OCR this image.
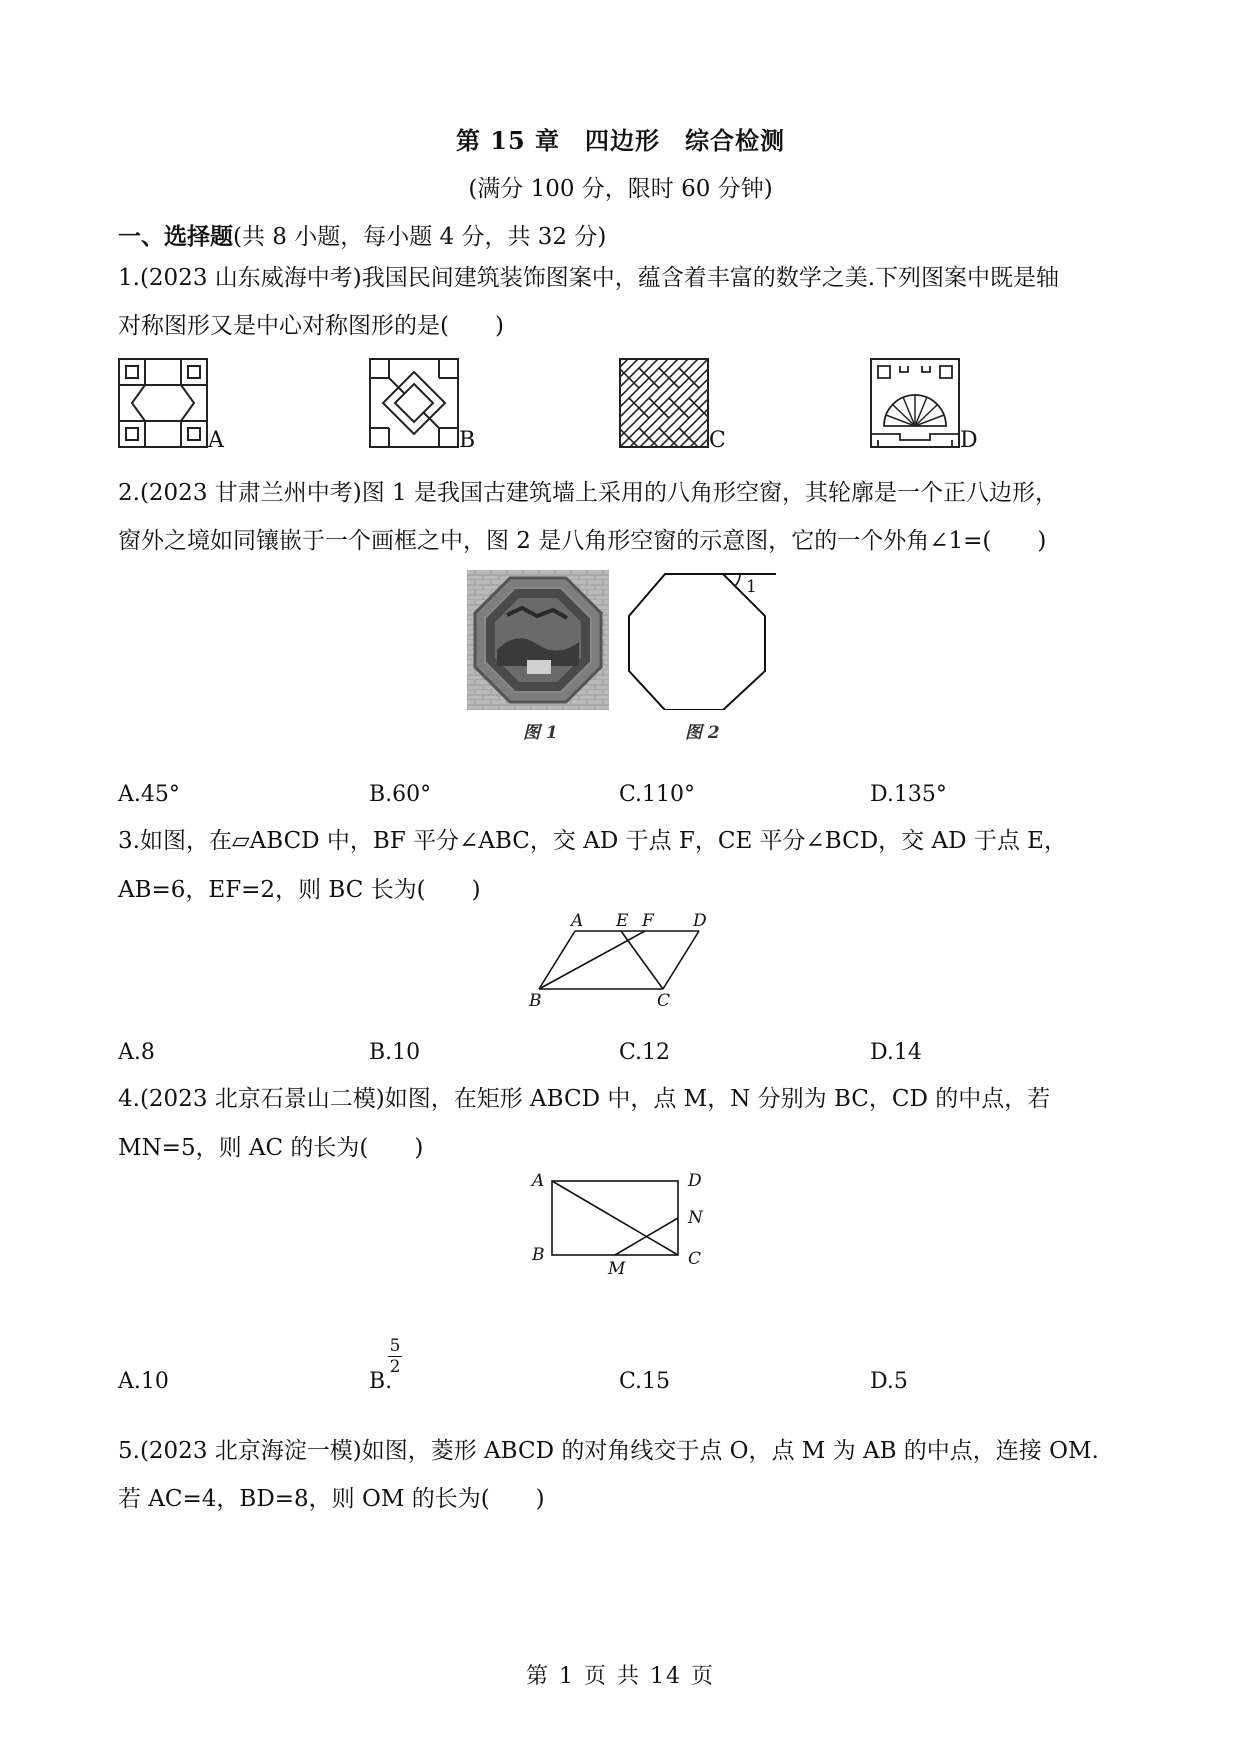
第 15 章　四边形　综合检测
(满分 100 分，限时 60 分钟)
一、选择题(共 8 小题，每小题 4 分，共 32 分)
1.(2023 山东威海中考)我国民间建筑装饰图案中，蕴含着丰富的数学之美.下列图案中既是轴
对称图形又是中心对称图形的是(　　)
A	B	C	D
2.(2023 甘肃兰州中考)图 1 是我国古建筑墙上采用的八角形空窗，其轮廓是一个正八边形，
窗外之境如同镶嵌于一个画框之中，图 2 是八角形空窗的示意图，它的一个外角∠1=(　　)
图 1
1
图 2
A.45°	B.60°	C.110°	D.135°
3.如图，在▱ABCD 中，BF 平分∠ABC，交 AD 于点 F，CE 平分∠BCD，交 AD 于点 E，
AB=6，EF=2，则 BC 长为(　　)
A E F D
B	C
A.8	B.10	C.12	D.14
4.(2023 北京石景山二模)如图，在矩形 ABCD 中，点 M，N 分别为 BC，CD 的中点，若
MN=5，则 AC 的长为(　　)
A	D
N
B
M	C
A.10	B.
5
2
C.15	D.5
5.(2023 北京海淀一模)如图，菱形 ABCD 的对角线交于点 O，点 M 为 AB 的中点，连接 OM.
若 AC=4，BD=8，则 OM 的长为(　　)
第 1 页 共 14 页
